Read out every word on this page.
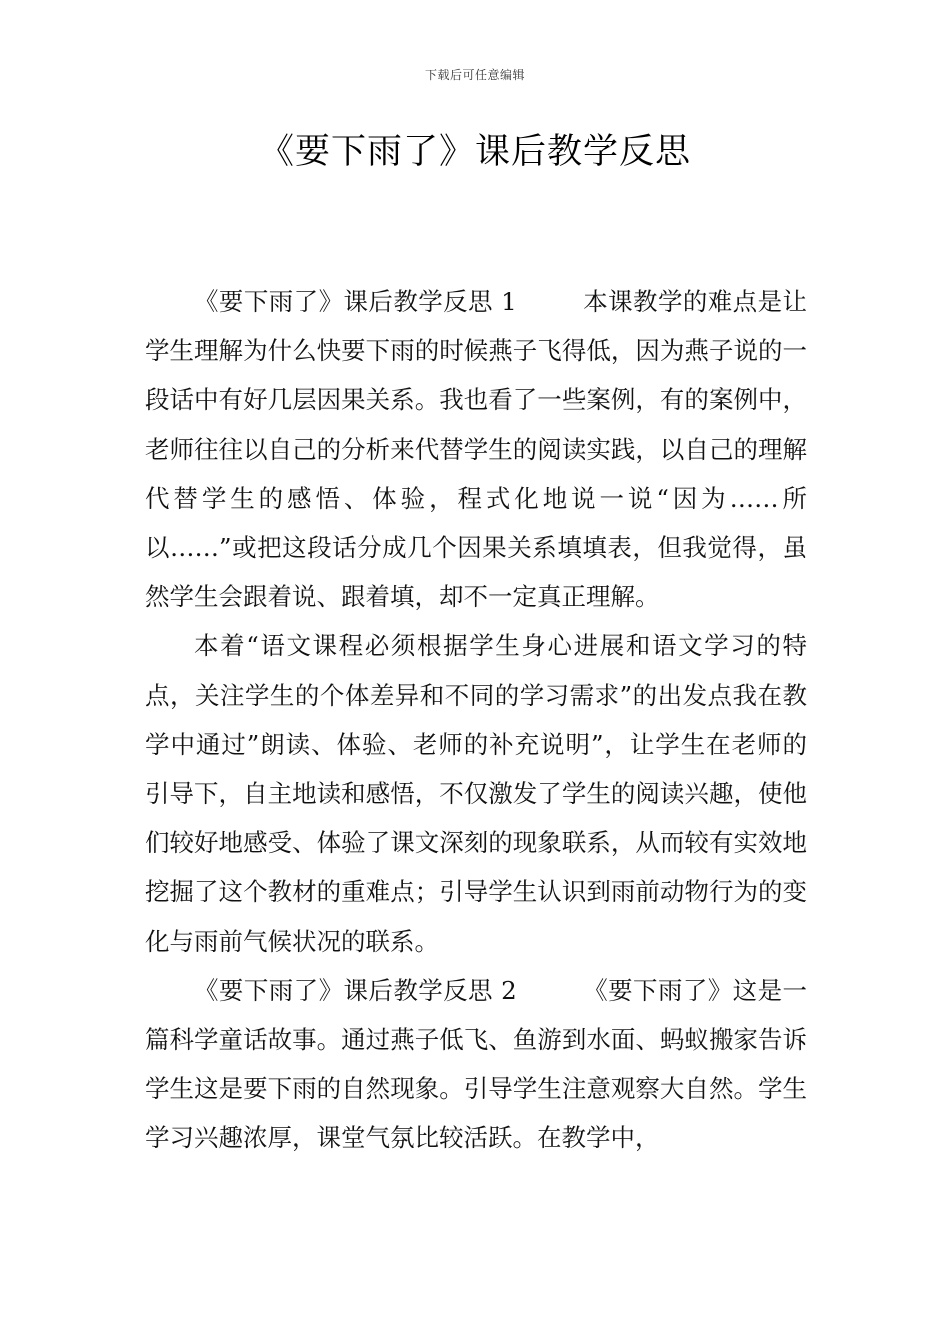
下载后可任意编辑
《要下雨了》课后教学反思

《要下雨了》课后教学反思 1	本课教学的难点是让学生理解为什么快要下雨的时候燕子飞得低，因为燕子说的一段话中有好几层因果关系。我也看了一些案例，有的案例中，老师往往以自己的分析来代替学生的阅读实践，以自己的理解代替学生的感悟、体验，程式化地说一说“因为……所以……”或把这段话分成几个因果关系填填表，但我觉得，虽然学生会跟着说、跟着填，却不一定真正理解。

本着“语文课程必须根据学生身心进展和语文学习的特点，关注学生的个体差异和不同的学习需求”的出发点我在教学中通过”朗读、体验、老师的补充说明”，让学生在老师的引导下，自主地读和感悟，不仅激发了学生的阅读兴趣，使他们较好地感受、体验了课文深刻的现象联系，从而较有实效地挖掘了这个教材的重难点；引导学生认识到雨前动物行为的变化与雨前气候状况的联系。

《要下雨了》课后教学反思 2	《要下雨了》这是一篇科学童话故事。通过燕子低飞、鱼游到水面、蚂蚁搬家告诉学生这是要下雨的自然现象。引导学生注意观察大自然。学生学习兴趣浓厚，课堂气氛比较活跃。在教学中，
